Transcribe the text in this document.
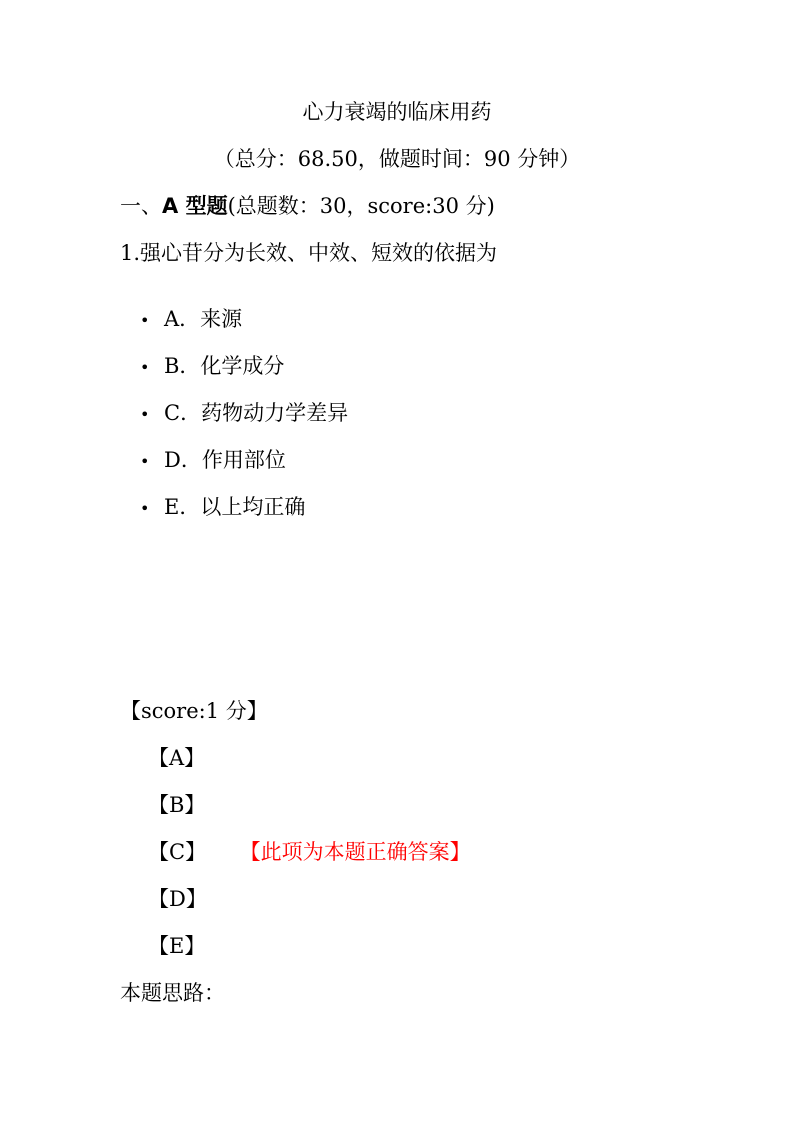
心力衰竭的临床用药
（总分：68.50，做题时间：90 分钟）
一、A 型题(总题数：30，score:30 分)
1.强心苷分为长效、中效、短效的依据为
• A．来源
• B．化学成分
• C．药物动力学差异
• D．作用部位
• E．以上均正确
【score:1 分】
【A】
【B】
【C】 【此项为本题正确答案】
【D】
【E】
本题思路：
